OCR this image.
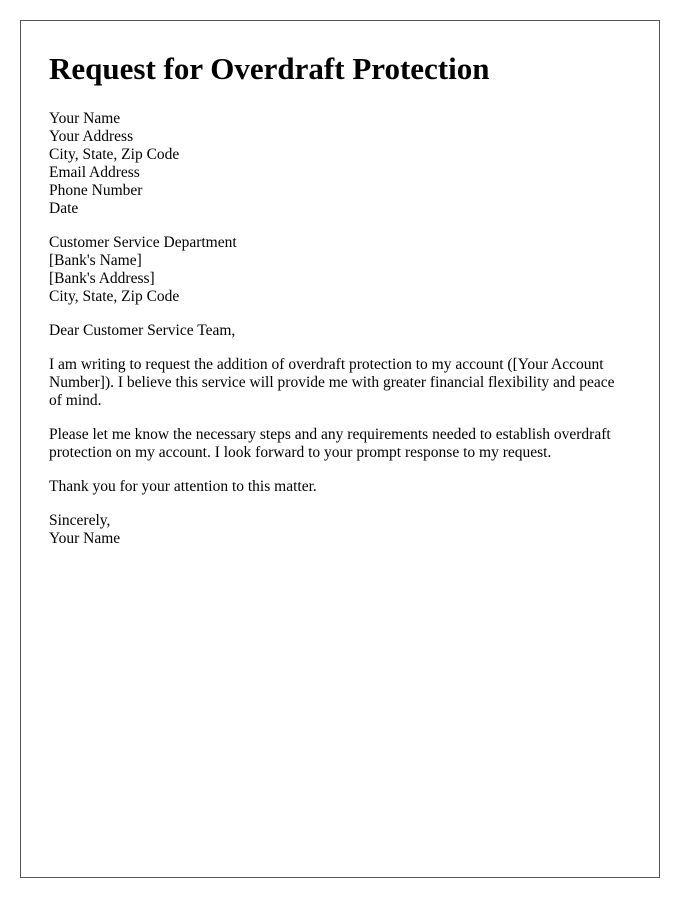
Request for Overdraft Protection
Your Name
Your Address
City, State, Zip Code
Email Address
Phone Number
Date
Customer Service Department
[Bank's Name]
[Bank's Address]
City, State, Zip Code

Dear Customer Service Team,

I am writing to request the addition of overdraft protection to my account ([Your Account Number]). I believe this service will provide me with greater financial flexibility and peace of mind.

Please let me know the necessary steps and any requirements needed to establish overdraft protection on my account. I look forward to your prompt response to my request.

Thank you for your attention to this matter.

Sincerely,
Your Name
